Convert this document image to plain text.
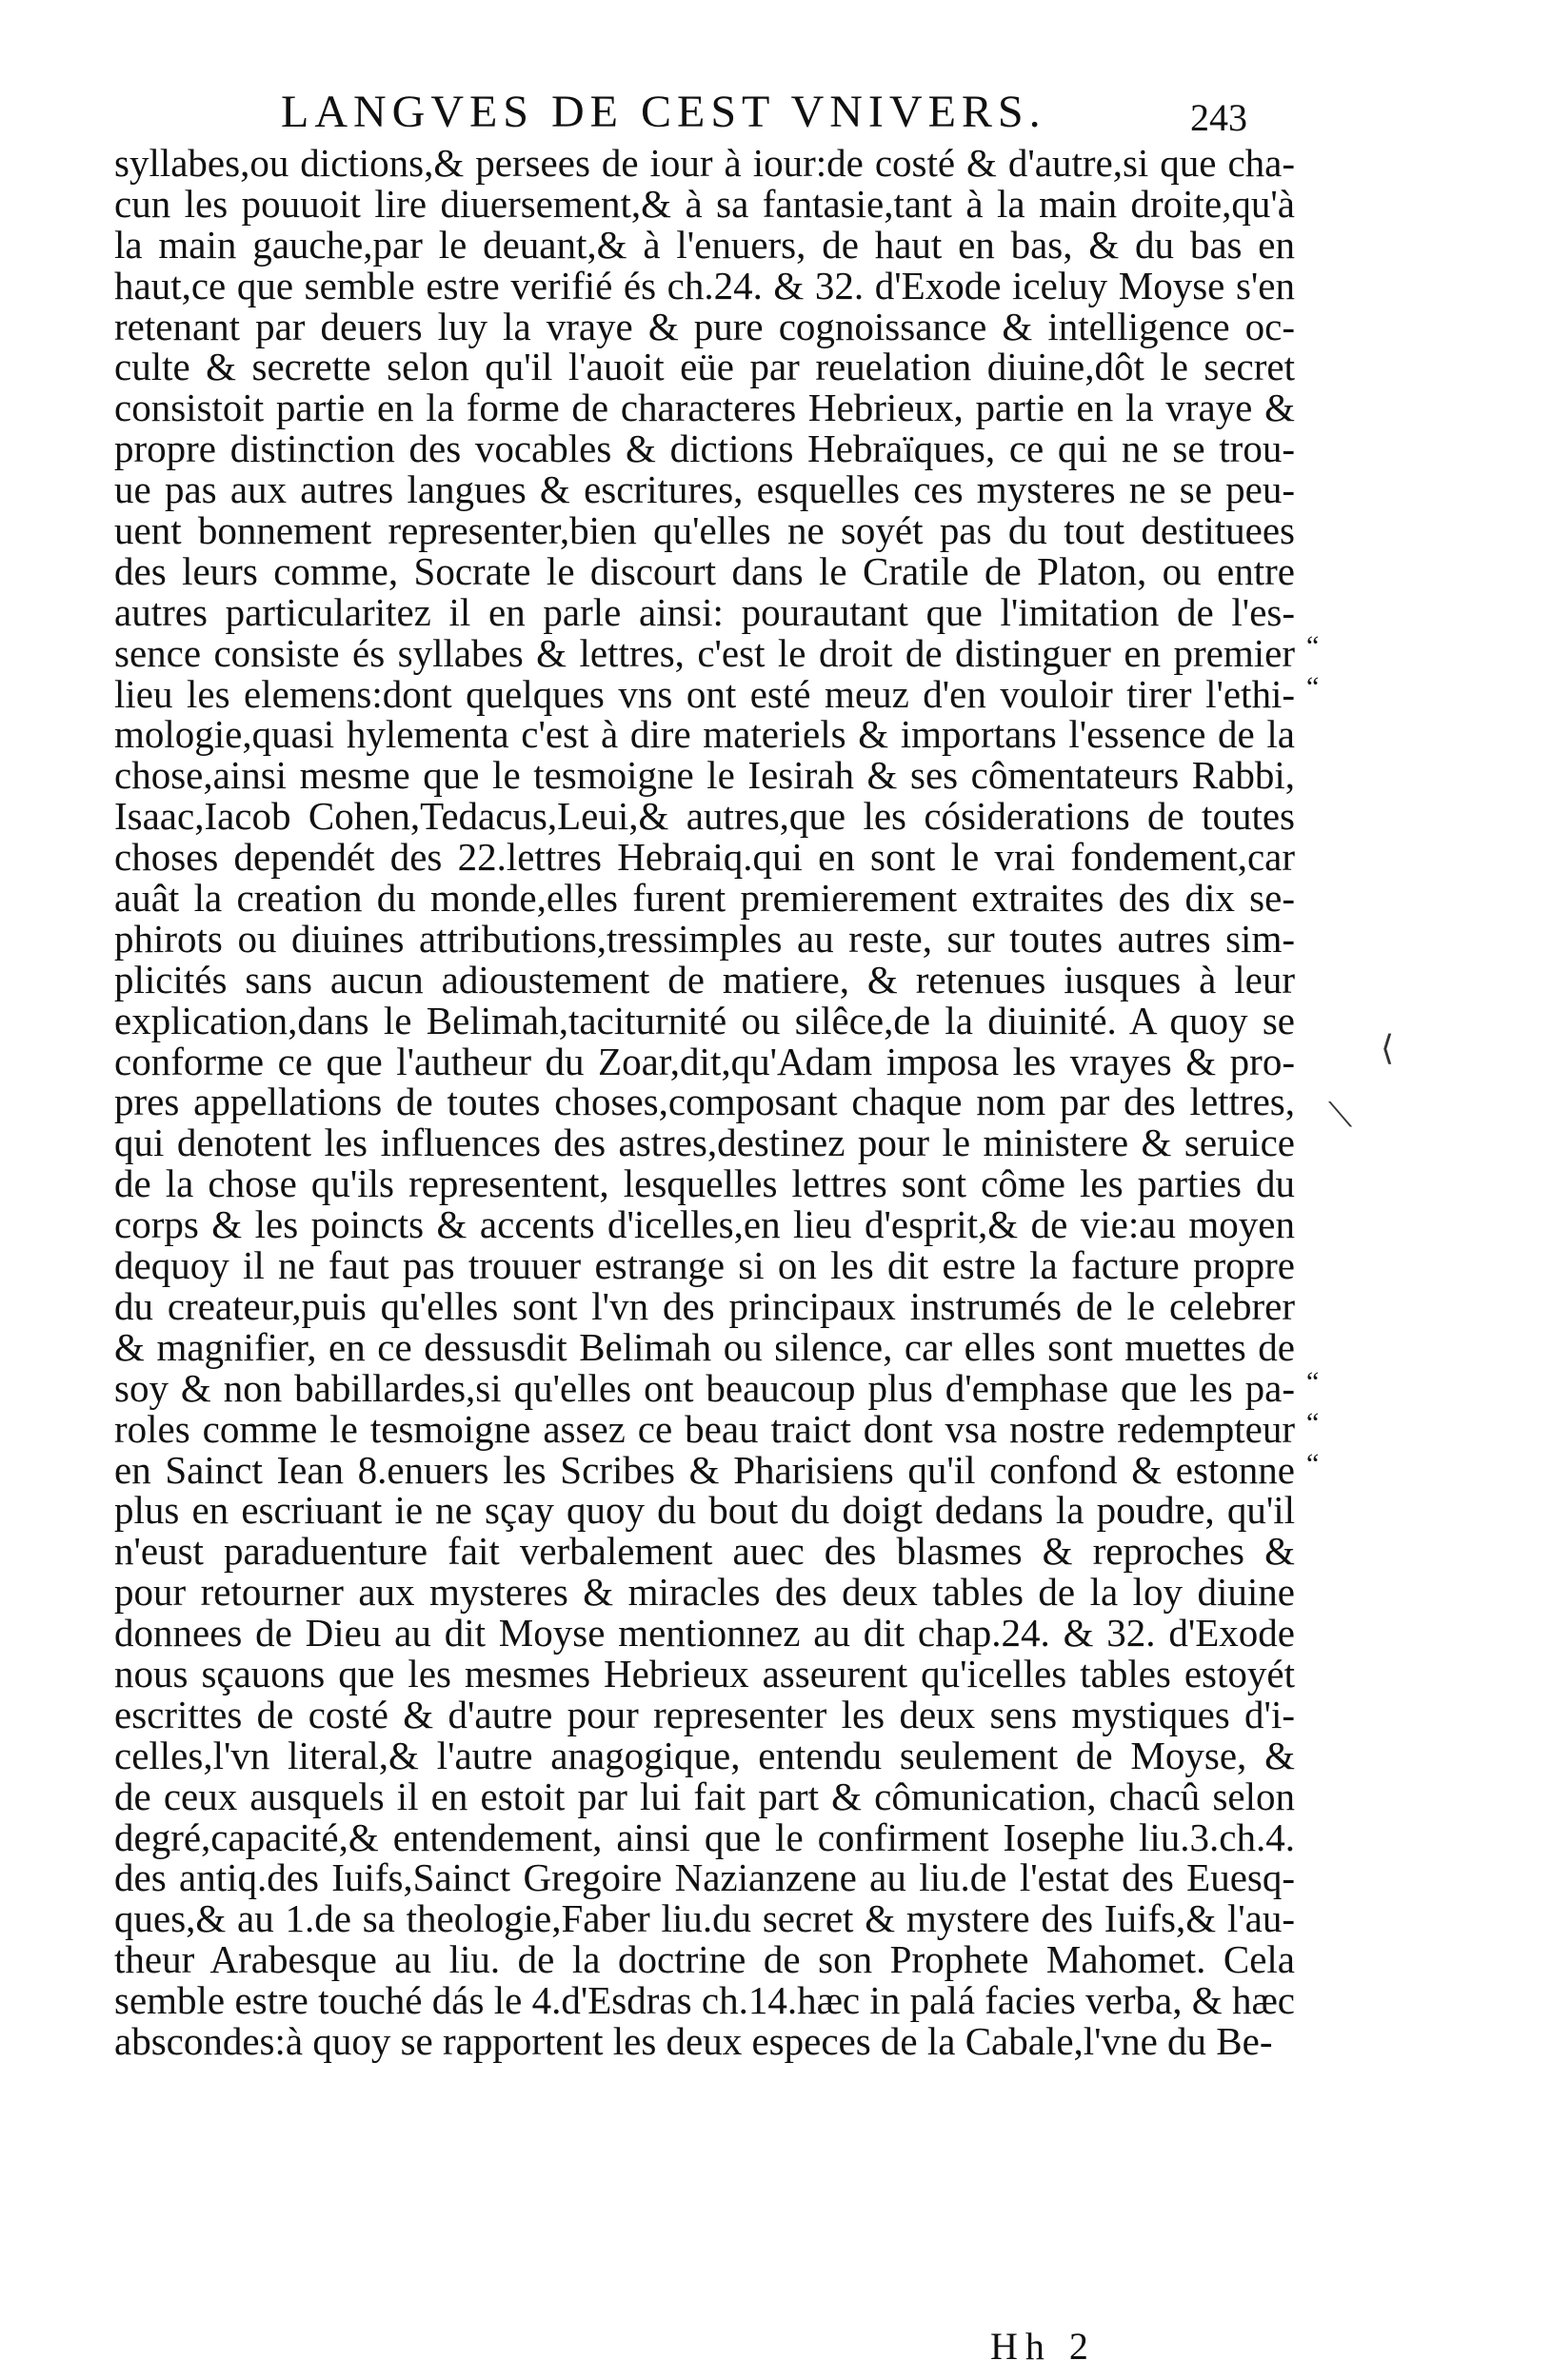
LANGVES DE CEST VNIVERS.	243
syllabes,ou dictions,& persees de iour à iour:de costé & d'autre,si que cha-
cun les pouuoit lire diuersement,& à sa fantasie,tant à la main droite,qu'à
la main gauche,par le deuant,& à l'enuers, de haut en bas, & du bas en
haut,ce que semble estre verifié és ch.24. & 32. d'Exode iceluy Moyse s'en
retenant par deuers luy la vraye & pure cognoissance & intelligence oc-
culte & secrette selon qu'il l'auoit eüe par reuelation diuine,dôt le secret
consistoit partie en la forme de characteres Hebrieux, partie en la vraye &
propre distinction des vocables & dictions Hebraïques, ce qui ne se trou-
ue pas aux autres langues & escritures, esquelles ces mysteres ne se peu-
uent bonnement representer,bien qu'elles ne soyét pas du tout destituees
des leurs comme, Socrate le discourt dans le Cratile de Platon, ou entre
autres particularitez il en parle ainsi: pourautant que l'imitation de l'es-
sence consiste és syllabes & lettres, c'est le droit de distinguer en premier
lieu les elemens:dont quelques vns ont esté meuz d'en vouloir tirer l'ethi-
mologie,quasi hylementa c'est à dire materiels & importans l'essence de la
chose,ainsi mesme que le tesmoigne le Iesirah & ses cômentateurs Rabbi,
Isaac,Iacob Cohen,Tedacus,Leui,& autres,que les cósiderations de toutes
choses dependét des 22.lettres Hebraiq.qui en sont le vrai fondement,car
auât la creation du monde,elles furent premierement extraites des dix se-
phirots ou diuines attributions,tressimples au reste, sur toutes autres sim-
plicités sans aucun adioustement de matiere, & retenues iusques à leur
explication,dans le Belimah,taciturnité ou silêce,de la diuinité. A quoy se
conforme ce que l'autheur du Zoar,dit,qu'Adam imposa les vrayes & pro-
pres appellations de toutes choses,composant chaque nom par des lettres,
qui denotent les influences des astres,destinez pour le ministere & seruice
de la chose qu'ils representent, lesquelles lettres sont côme les parties du
corps & les poincts & accents d'icelles,en lieu d'esprit,& de vie:au moyen
dequoy il ne faut pas trouuer estrange si on les dit estre la facture propre
du createur,puis qu'elles sont l'vn des principaux instrumés de le celebrer
& magnifier, en ce dessusdit Belimah ou silence, car elles sont muettes de
soy & non babillardes,si qu'elles ont beaucoup plus d'emphase que les pa-
roles comme le tesmoigne assez ce beau traict dont vsa nostre redempteur
en Sainct Iean 8.enuers les Scribes & Pharisiens qu'il confond & estonne
plus en escriuant ie ne sçay quoy du bout du doigt dedans la poudre, qu'il
n'eust paraduenture fait verbalement auec des blasmes & reproches &
pour retourner aux mysteres & miracles des deux tables de la loy diuine
donnees de Dieu au dit Moyse mentionnez au dit chap.24. & 32. d'Exode
nous sçauons que les mesmes Hebrieux asseurent qu'icelles tables estoyét
escrittes de costé & d'autre pour representer les deux sens mystiques d'i-
celles,l'vn literal,& l'autre anagogique, entendu seulement de Moyse, &
de ceux ausquels il en estoit par lui fait part & cômunication, chacû selon
degré,capacité,& entendement, ainsi que le confirment Iosephe liu.3.ch.4.
des antiq.des Iuifs,Sainct Gregoire Nazianzene au liu.de l'estat des Euesq-
ques,& au 1.de sa theologie,Faber liu.du secret & mystere des Iuifs,& l'au-
theur Arabesque au liu. de la doctrine de son Prophete Mahomet. Cela
semble estre touché dás le 4.d'Esdras ch.14.hæc in palá facies verba, & hæc
abscondes:à quoy se rapportent les deux especes de la Cabale,l'vne du Be-
“
“
“
“
“
⟨
⟍
Hh 2
